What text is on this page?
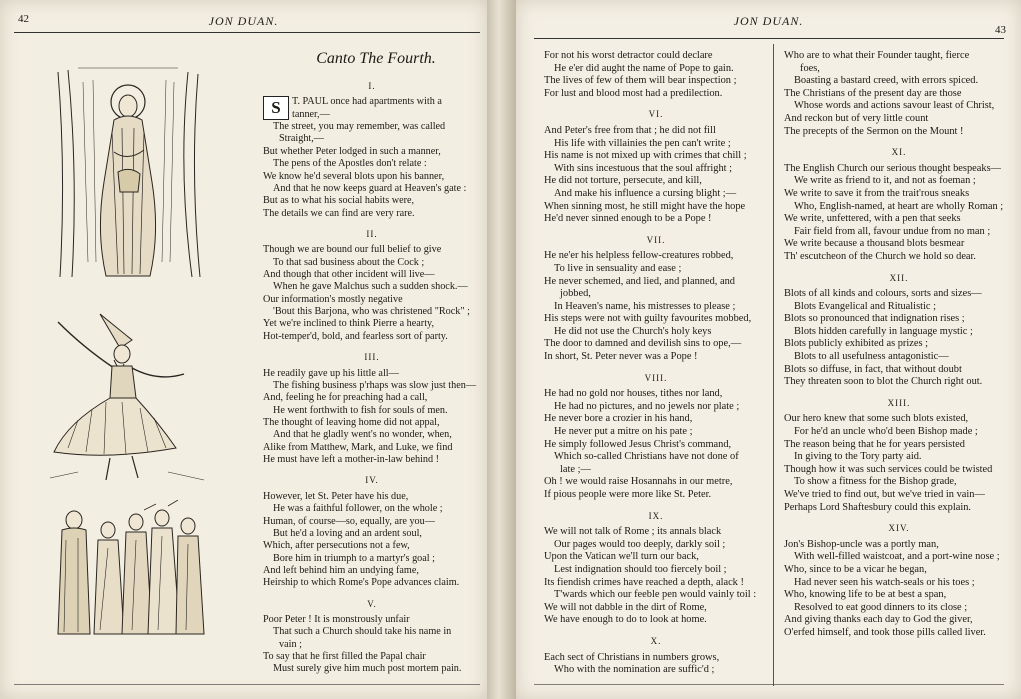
42	JON DUAN.
Canto The Fourth.
I.
S	T. PAUL once had apartments with a
tanner,—
The street, you may remember, was called
Straight,—
But whether Peter lodged in such a manner,
The pens of the Apostles don't relate :
We know he'd several blots upon his banner,
And that he now keeps guard at Heaven's gate :
But as to what his social habits were,
The details we can find are very rare.
II.
Though we are bound our full belief to give
To that sad business about the Cock ;
And though that other incident will live—
When he gave Malchus such a sudden shock.—
Our information's mostly negative
'Bout this Barjona, who was christened "Rock" ;
Yet we're inclined to think Pierre a hearty,
Hot-temper'd, bold, and fearless sort of party.
III.
He readily gave up his little all—
The fishing business p'rhaps was slow just then—
And, feeling he for preaching had a call,
He went forthwith to fish for souls of men.
The thought of leaving home did not appal,
And that he gladly went's no wonder, when,
Alike from Matthew, Mark, and Luke, we find
He must have left a mother-in-law behind !
IV.
However, let St. Peter have his due,
He was a faithful follower, on the whole ;
Human, of course—so, equally, are you—
But he'd a loving and an ardent soul,
Which, after persecutions not a few,
Bore him in triumph to a martyr's goal ;
And left behind him an undying fame,
Heirship to which Rome's Pope advances claim.
V.
Poor Peter ! It is monstrously unfair
That such a Church should take his name in
vain ;
To say that he first filled the Papal chair
Must surely give him much post mortem pain.
JON DUAN.
43
For not his worst detractor could declare
He e'er did aught the name of Pope to gain.
The lives of few of them will bear inspection ;
For lust and blood most had a predilection.
VI.
And Peter's free from that ; he did not fill
His life with villainies the pen can't write ;
His name is not mixed up with crimes that chill ;
With sins incestuous that the soul affright ;
He did not torture, persecute, and kill,
And make his influence a cursing blight ;—
When sinning most, he still might have the hope
He'd never sinned enough to be a Pope !
VII.
He ne'er his helpless fellow-creatures robbed,
To live in sensuality and ease ;
He never schemed, and lied, and planned, and
jobbed,
In Heaven's name, his mistresses to please ;
His steps were not with guilty favourites mobbed,
He did not use the Church's holy keys
The door to damned and devilish sins to ope,—
In short, St. Peter never was a Pope !
VIII.
He had no gold nor houses, tithes nor land,
He had no pictures, and no jewels nor plate ;
He never bore a crozier in his hand,
He never put a mitre on his pate ;
He simply followed Jesus Christ's command,
Which so-called Christians have not done of
late ;—
Oh ! we would raise Hosannahs in our metre,
If pious people were more like St. Peter.
IX.
We will not talk of Rome ; its annals black
Our pages would too deeply, darkly soil ;
Upon the Vatican we'll turn our back,
Lest indignation should too fiercely boil ;
Its fiendish crimes have reached a depth, alack !
T'wards which our feeble pen would vainly toil :
We will not dabble in the dirt of Rome,
We have enough to do to look at home.
X.
Each sect of Christians in numbers grows,
Who with the nomination are suffic'd ;
Who are to what their Founder taught, fierce
foes,
Boasting a bastard creed, with errors spiced.
The Christians of the present day are those
Whose words and actions savour least of Christ,
And reckon but of very little count
The precepts of the Sermon on the Mount !
XI.
The English Church our serious thought bespeaks—
We write as friend to it, and not as foeman ;
We write to save it from the trait'rous sneaks
Who, English-named, at heart are wholly Roman ;
We write, unfettered, with a pen that seeks
Fair field from all, favour undue from no man ;
We write because a thousand blots besmear
Th' escutcheon of the Church we hold so dear.
XII.
Blots of all kinds and colours, sorts and sizes—
Blots Evangelical and Ritualistic ;
Blots so pronounced that indignation rises ;
Blots hidden carefully in language mystic ;
Blots publicly exhibited as prizes ;
Blots to all usefulness antagonistic—
Blots so diffuse, in fact, that without doubt
They threaten soon to blot the Church right out.
XIII.
Our hero knew that some such blots existed,
For he'd an uncle who'd been Bishop made ;
The reason being that he for years persisted
In giving to the Tory party aid.
Though how it was such services could be twisted
To show a fitness for the Bishop grade,
We've tried to find out, but we've tried in vain—
Perhaps Lord Shaftesbury could this explain.
XIV.
Jon's Bishop-uncle was a portly man,
With well-filled waistcoat, and a port-wine nose ;
Who, since to be a vicar he began,
Had never seen his watch-seals or his toes ;
Who, knowing life to be at best a span,
Resolved to eat good dinners to its close ;
And giving thanks each day to God the giver,
O'erfed himself, and took those pills called liver.
